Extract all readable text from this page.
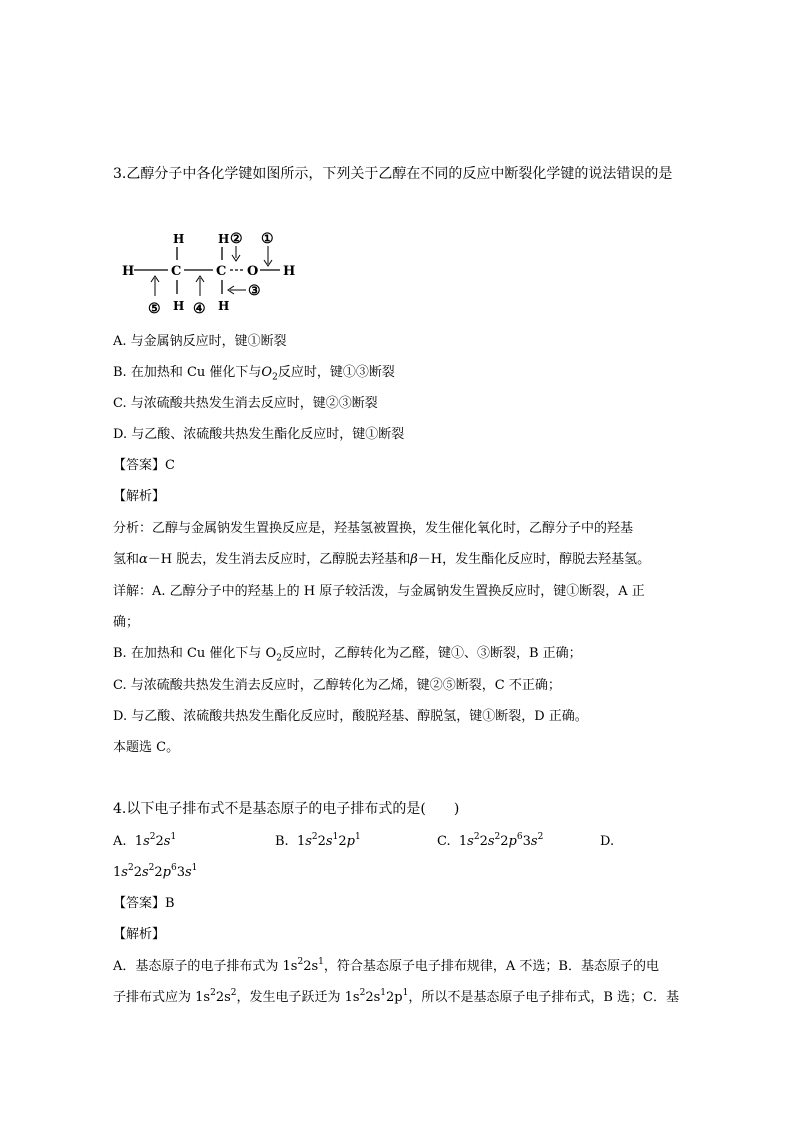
3.乙醇分子中各化学键如图所示，下列关于乙醇在不同的反应中断裂化学键的说法错误的是
H	C	C O H
H	H
H	H
② ①
③
④
⑤
A. 与金属钠反应时，键①断裂
B. 在加热和 Cu 催化下与$O_2$反应时，键①③断裂
C. 与浓硫酸共热发生消去反应时，键②③断裂
D. 与乙酸、浓硫酸共热发生酯化反应时，键①断裂
【答案】C
【解析】
分析：乙醇与金属钠发生置换反应是，羟基氢被置换，发生催化氧化时，乙醇分子中的羟基
氢和α－H 脱去，发生消去反应时，乙醇脱去羟基和β－H，发生酯化反应时，醇脱去羟基氢。
详解：A. 乙醇分子中的羟基上的 H 原子较活泼，与金属钠发生置换反应时，键①断裂，A 正
确；
B. 在加热和 Cu 催化下与 $O_2$反应时，乙醇转化为乙醛，键①、③断裂，B 正确；
C. 与浓硫酸共热发生消去反应时，乙醇转化为乙烯，键②⑤断裂，C 不正确；
D. 与乙酸、浓硫酸共热发生酯化反应时，酸脱羟基、醇脱氢，键①断裂，D 正确。
本题选 C。
4.以下电子排布式不是基态原子的电子排布式的是(　　)
A.  $1s^22s^1$	B.  $1s^22s^12p^1$	C.  $1s^22s^22p^63s^2$	D.
$1s^22s^22p^63s^1$
【答案】B
【解析】
A．基态原子的电子排布式为 $1s^22s^1$，符合基态原子电子排布规律，A 不选；B．基态原子的电
子排布式应为 $1s^22s^2$，发生电子跃迁为 $1s^22s^12p^1$，所以不是基态原子电子排布式，B 选；C．基
